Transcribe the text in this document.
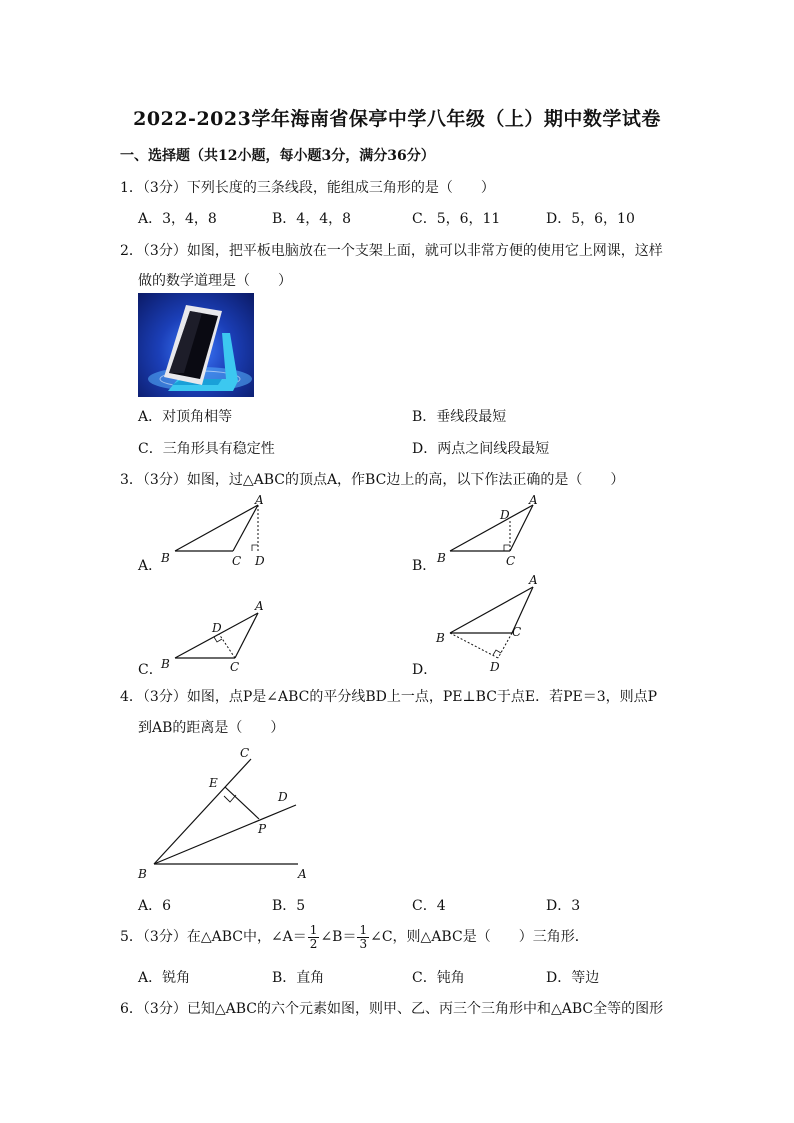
2022-2023学年海南省保亭中学八年级（上）期中数学试卷
一、选择题（共12小题，每小题3分，满分36分）
1．（3分）下列长度的三条线段，能组成三角形的是（　　）
A．3，4，8	B．4，4，8	C．5，6，11	D．5，6，10
2．（3分）如图，把平板电脑放在一个支架上面，就可以非常方便的使用它上网课，这样
做的数学道理是（　　）
A．对顶角相等	B．垂线段最短
C．三角形具有稳定性	D．两点之间线段最短
3．（3分）如图，过△ABC的顶点A，作BC边上的高，以下作法正确的是（　　）
A．
A
B	C D	B．
A
D
B	C
C．
A
D
B	C	D．
A
B	C
D
4．（3分）如图，点P是∠ABC的平分线BD上一点，PE⊥BC于点E．若PE＝3，则点P
到AB的距离是（　　）
C
E
D
P
B	A
A．6	B．5	C．4	D．3
5．（3分）在△ABC中，∠A＝ $\frac{1}{2}$ ∠B＝ $\frac{1}{3}$ ∠C，则△ABC是（　　）三角形．
A．锐角	B．直角	C．钝角	D．等边
6．（3分）已知△ABC的六个元素如图，则甲、乙、丙三个三角形中和△ABC全等的图形
